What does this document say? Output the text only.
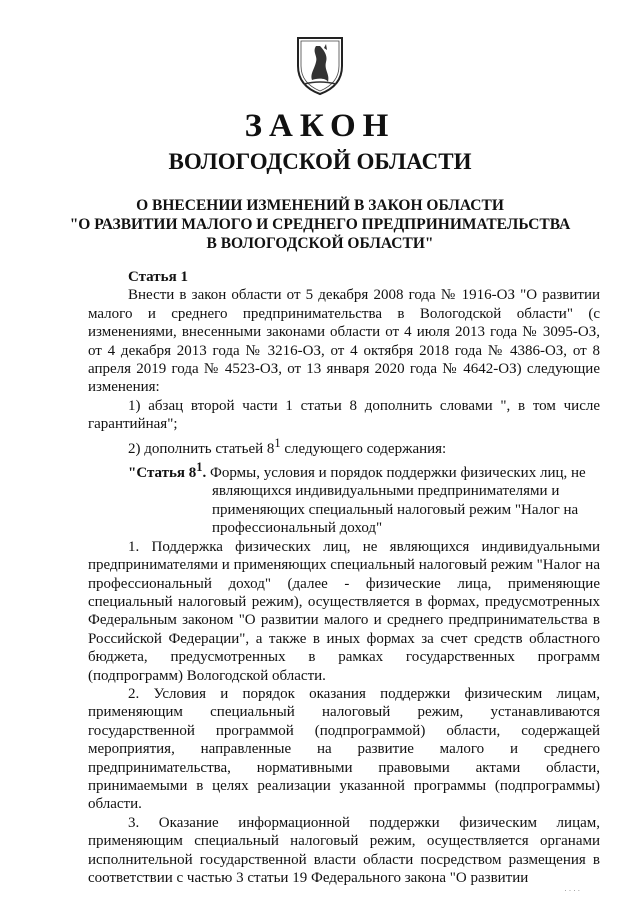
ЗАКОН
ВОЛОГОДСКОЙ ОБЛАСТИ
О ВНЕСЕНИИ ИЗМЕНЕНИЙ В ЗАКОН ОБЛАСТИ
"О РАЗВИТИИ МАЛОГО И СРЕДНЕГО ПРЕДПРИНИМАТЕЛЬСТВА
В ВОЛОГОДСКОЙ ОБЛАСТИ"

Статья 1

Внести в закон области от 5 декабря 2008 года № 1916-ОЗ "О развитии малого и среднего предпринимательства в Вологодской области" (с изменениями, внесенными законами области от 4 июля 2013 года № 3095-ОЗ, от 4 декабря 2013 года № 3216-ОЗ, от 4 октября 2018 года № 4386-ОЗ, от 8 апреля 2019 года № 4523-ОЗ, от 13 января 2020 года № 4642-ОЗ) следующие изменения:

1) абзац второй части 1 статьи 8 дополнить словами ", в том числе гарантийная";

2) дополнить статьей $8^1$ следующего содержания:

"Статья $8^1$. Формы, условия и порядок поддержки физических лиц, не являющихся индивидуальными предпринимателями и применяющих специальный налоговый режим "Налог на профессиональный доход"

1. Поддержка физических лиц, не являющихся индивидуальными предпринимателями и применяющих специальный налоговый режим "Налог на профессиональный доход" (далее - физические лица, применяющие специальный налоговый режим), осуществляется в формах, предусмотренных Федеральным законом "О развитии малого и среднего предпринимательства в Российской Федерации", а также в иных формах за счет средств областного бюджета, предусмотренных в рамках государственных программ (подпрограмм) Вологодской области.

2. Условия и порядок оказания поддержки физическим лицам, применяющим специальный налоговый режим, устанавливаются государственной программой (подпрограммой) области, содержащей мероприятия, направленные на развитие малого и среднего предпринимательства, нормативными правовыми актами области, принимаемыми в целях реализации указанной программы (подпрограммы) области.

3. Оказание информационной поддержки физическим лицам, применяющим специальный налоговый режим, осуществляется органами исполнительной государственной власти области посредством размещения в соответствии с частью 3 статьи 19 Федерального закона "О развитии

· · · ·
